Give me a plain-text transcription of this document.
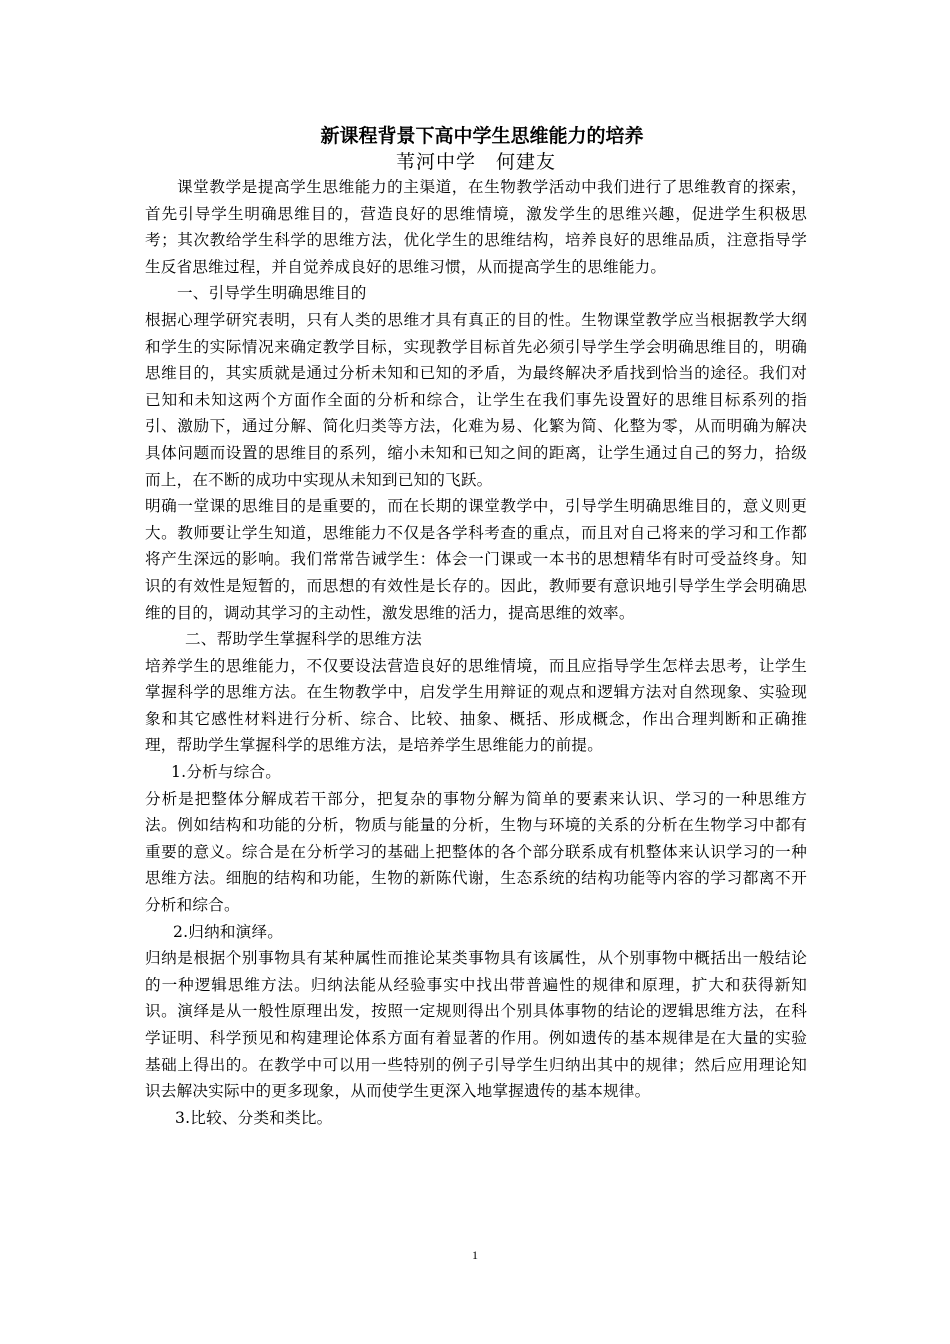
新课程背景下高中学生思维能力的培养

苇河中学　何建友

课堂教学是提高学生思维能力的主渠道，在生物教学活动中我们进行了思维教育的探索，首先引导学生明确思维目的，营造良好的思维情境，激发学生的思维兴趣，促进学生积极思考；其次教给学生科学的思维方法，优化学生的思维结构，培养良好的思维品质，注意指导学生反省思维过程，并自觉养成良好的思维习惯，从而提高学生的思维能力。

一、引导学生明确思维目的

根据心理学研究表明，只有人类的思维才具有真正的目的性。生物课堂教学应当根据教学大纲和学生的实际情况来确定教学目标，实现教学目标首先必须引导学生学会明确思维目的，明确思维目的，其实质就是通过分析未知和已知的矛盾，为最终解决矛盾找到恰当的途径。我们对已知和未知这两个方面作全面的分析和综合，让学生在我们事先设置好的思维目标系列的指引、激励下，通过分解、简化归类等方法，化难为易、化繁为简、化整为零，从而明确为解决具体问题而设置的思维目的系列，缩小未知和已知之间的距离，让学生通过自己的努力，拾级而上，在不断的成功中实现从未知到已知的飞跃。

明确一堂课的思维目的是重要的，而在长期的课堂教学中，引导学生明确思维目的，意义则更大。教师要让学生知道，思维能力不仅是各学科考查的重点，而且对自己将来的学习和工作都将产生深远的影响。我们常常告诫学生：体会一门课或一本书的思想精华有时可受益终身。知识的有效性是短暂的，而思想的有效性是长存的。因此，教师要有意识地引导学生学会明确思维的目的，调动其学习的主动性，激发思维的活力，提高思维的效率。

二、帮助学生掌握科学的思维方法

培养学生的思维能力，不仅要设法营造良好的思维情境，而且应指导学生怎样去思考，让学生掌握科学的思维方法。在生物教学中，启发学生用辩证的观点和逻辑方法对自然现象、实验现象和其它感性材料进行分析、综合、比较、抽象、概括、形成概念，作出合理判断和正确推理，帮助学生掌握科学的思维方法，是培养学生思维能力的前提。

1.分析与综合。

分析是把整体分解成若干部分，把复杂的事物分解为简单的要素来认识、学习的一种思维方法。例如结构和功能的分析，物质与能量的分析，生物与环境的关系的分析在生物学习中都有重要的意义。综合是在分析学习的基础上把整体的各个部分联系成有机整体来认识学习的一种思维方法。细胞的结构和功能，生物的新陈代谢，生态系统的结构功能等内容的学习都离不开分析和综合。

2.归纳和演绎。

归纳是根据个别事物具有某种属性而推论某类事物具有该属性，从个别事物中概括出一般结论的一种逻辑思维方法。归纳法能从经验事实中找出带普遍性的规律和原理，扩大和获得新知识。演绎是从一般性原理出发，按照一定规则得出个别具体事物的结论的逻辑思维方法，在科学证明、科学预见和构建理论体系方面有着显著的作用。例如遗传的基本规律是在大量的实验基础上得出的。在教学中可以用一些特别的例子引导学生归纳出其中的规律；然后应用理论知识去解决实际中的更多现象，从而使学生更深入地掌握遗传的基本规律。

3.比较、分类和类比。

1
